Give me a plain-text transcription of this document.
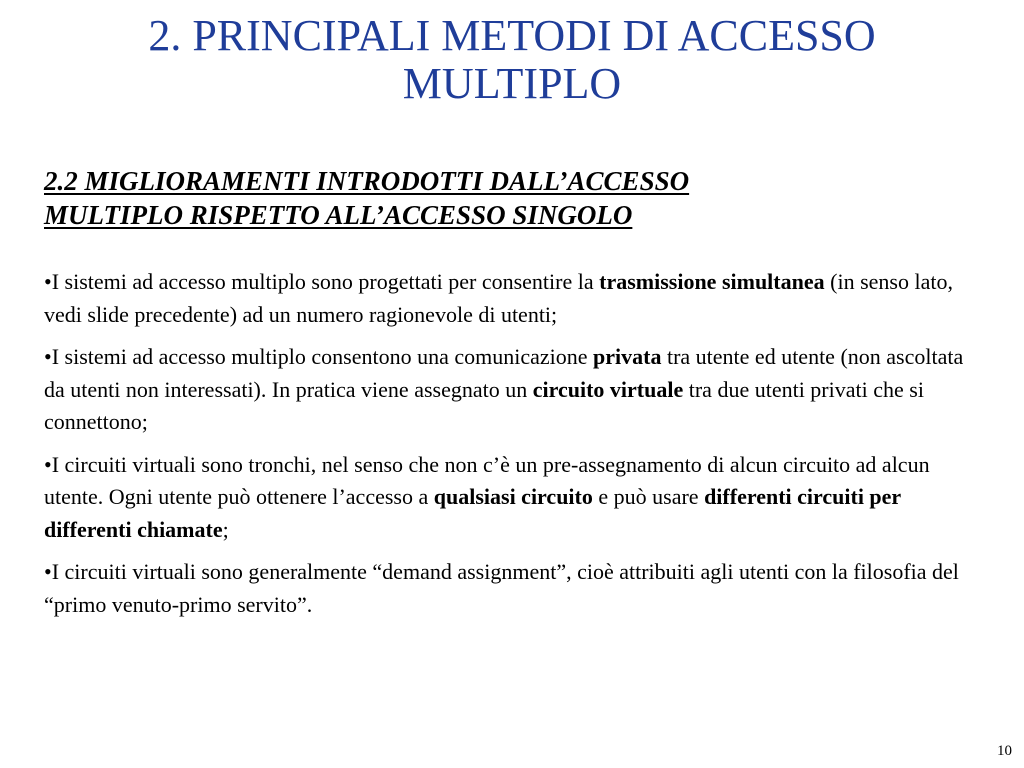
2. PRINCIPALI METODI DI ACCESSO
MULTIPLO
2.2 MIGLIORAMENTI INTRODOTTI DALL’ACCESSO
MULTIPLO RISPETTO ALL’ACCESSO SINGOLO

•I sistemi ad accesso multiplo sono progettati per consentire la trasmissione simultanea (in senso lato, vedi slide precedente) ad un numero ragionevole di utenti;

•I sistemi ad accesso multiplo consentono una comunicazione privata tra utente ed utente (non ascoltata da utenti non interessati). In pratica viene assegnato un circuito virtuale tra due utenti privati che si connettono;

•I circuiti virtuali sono tronchi, nel senso che non c’è un pre-assegnamento di alcun circuito ad alcun utente. Ogni utente può ottenere l’accesso a qualsiasi circuito e può usare differenti circuiti per differenti chiamate;

•I circuiti virtuali sono generalmente “demand assignment”, cioè attribuiti agli utenti con la filosofia del “primo venuto-primo servito”.

10
